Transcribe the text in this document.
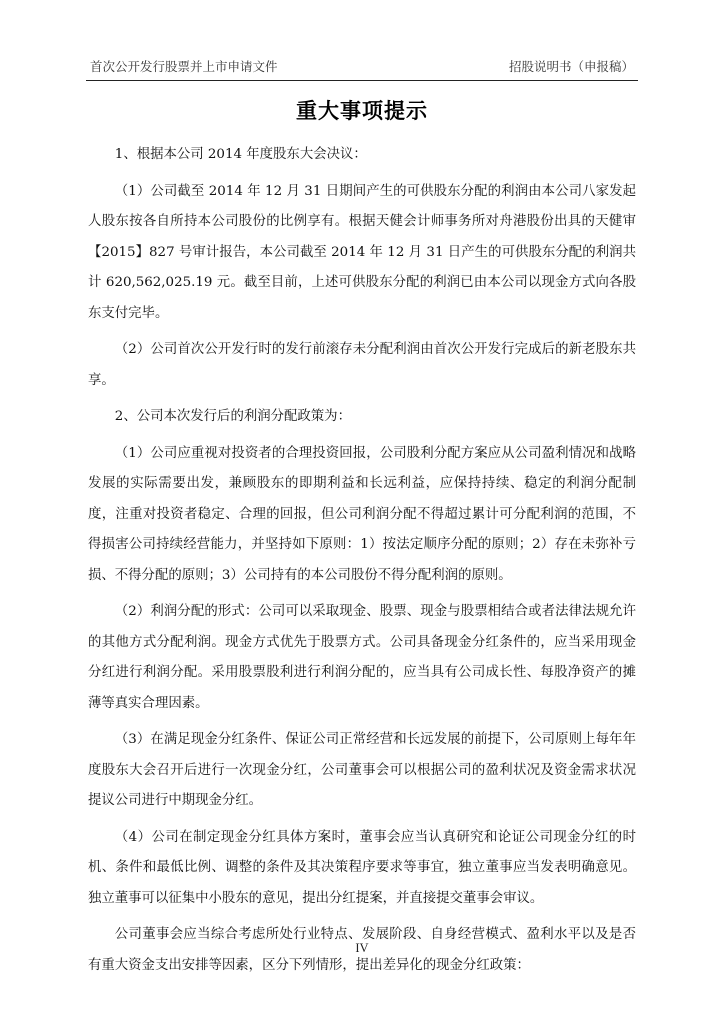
首次公开发行股票并上市申请文件	招股说明书（申报稿）
重大事项提示

1、根据本公司 2014 年度股东大会决议：

（1）公司截至 2014 年 12 月 31 日期间产生的可供股东分配的利润由本公司八家发起人股东按各自所持本公司股份的比例享有。根据天健会计师事务所对舟港股份出具的天健审【2015】827 号审计报告，本公司截至 2014 年 12 月 31 日产生的可供股东分配的利润共计 620,562,025.19 元。截至目前，上述可供股东分配的利润已由本公司以现金方式向各股东支付完毕。

（2）公司首次公开发行时的发行前滚存未分配利润由首次公开发行完成后的新老股东共享。

2、公司本次发行后的利润分配政策为：

（1）公司应重视对投资者的合理投资回报，公司股利分配方案应从公司盈利情况和战略发展的实际需要出发，兼顾股东的即期利益和长远利益，应保持持续、稳定的利润分配制度，注重对投资者稳定、合理的回报，但公司利润分配不得超过累计可分配利润的范围，不得损害公司持续经营能力，并坚持如下原则：1）按法定顺序分配的原则；2）存在未弥补亏损、不得分配的原则；3）公司持有的本公司股份不得分配利润的原则。

（2）利润分配的形式：公司可以采取现金、股票、现金与股票相结合或者法律法规允许的其他方式分配利润。现金方式优先于股票方式。公司具备现金分红条件的，应当采用现金分红进行利润分配。采用股票股利进行利润分配的，应当具有公司成长性、每股净资产的摊薄等真实合理因素。

（3）在满足现金分红条件、保证公司正常经营和长远发展的前提下，公司原则上每年年度股东大会召开后进行一次现金分红，公司董事会可以根据公司的盈利状况及资金需求状况提议公司进行中期现金分红。

（4）公司在制定现金分红具体方案时，董事会应当认真研究和论证公司现金分红的时机、条件和最低比例、调整的条件及其决策程序要求等事宜，独立董事应当发表明确意见。独立董事可以征集中小股东的意见，提出分红提案，并直接提交董事会审议。

公司董事会应当综合考虑所处行业特点、发展阶段、自身经营模式、盈利水平以及是否有重大资金支出安排等因素，区分下列情形，提出差异化的现金分红政策：

IV
